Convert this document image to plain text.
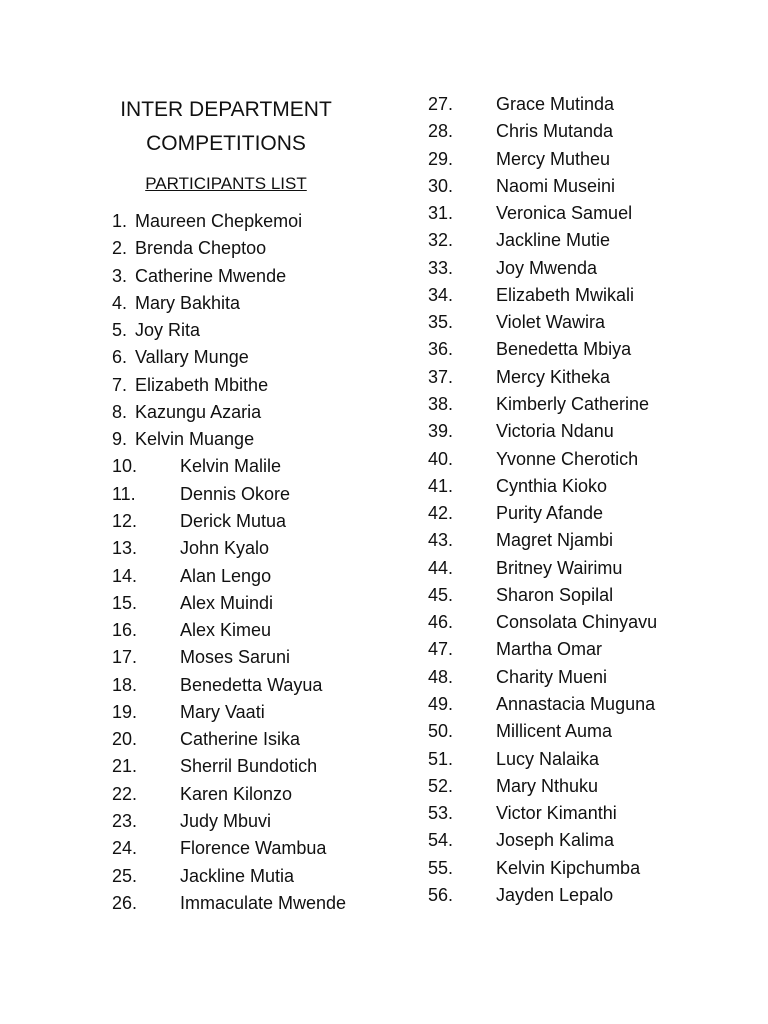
INTER DEPARTMENT
COMPETITIONS
PARTICIPANTS LIST
1. Maureen Chepkemoi
2. Brenda Cheptoo
3. Catherine Mwende
4. Mary Bakhita
5. Joy Rita
6. Vallary Munge
7. Elizabeth Mbithe
8. Kazungu Azaria
9. Kelvin Muange
10. Kelvin Malile
11. Dennis Okore
12. Derick Mutua
13. John Kyalo
14. Alan Lengo
15. Alex Muindi
16. Alex Kimeu
17. Moses Saruni
18. Benedetta Wayua
19. Mary Vaati
20. Catherine Isika
21. Sherril Bundotich
22. Karen Kilonzo
23. Judy Mbuvi
24. Florence Wambua
25. Jackline Mutia
26. Immaculate Mwende
27. Grace Mutinda
28. Chris Mutanda
29. Mercy Mutheu
30. Naomi Museini
31. Veronica Samuel
32. Jackline Mutie
33. Joy Mwenda
34. Elizabeth Mwikali
35. Violet Wawira
36. Benedetta Mbiya
37. Mercy Kitheka
38. Kimberly Catherine
39. Victoria Ndanu
40. Yvonne Cherotich
41. Cynthia Kioko
42. Purity Afande
43. Magret Njambi
44. Britney Wairimu
45. Sharon Sopilal
46. Consolata Chinyavu
47. Martha Omar
48. Charity Mueni
49. Annastacia Muguna
50. Millicent Auma
51. Lucy Nalaika
52. Mary Nthuku
53. Victor Kimanthi
54. Joseph Kalima
55. Kelvin Kipchumba
56. Jayden Lepalo
